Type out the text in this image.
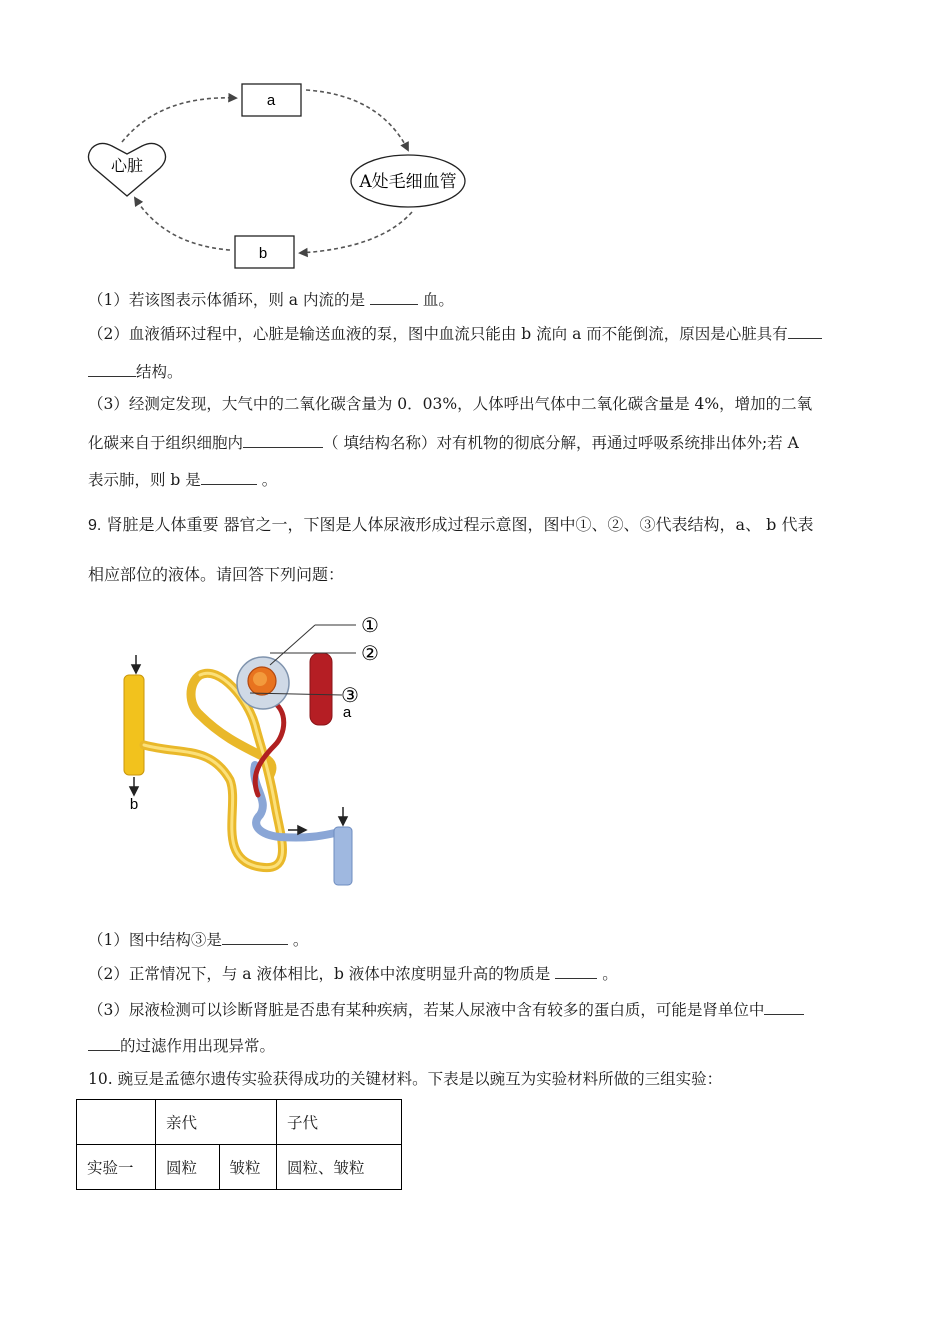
a
b
心脏
A处毛细血管
（1）若该图表示体循环，则 a 内流的是	血。
（2）血液循环过程中，心脏是输送血液的泵，图中血流只能由 b 流向 a 而不能倒流，原因是心脏具有
结构。
（3）经测定发现，大气中的二氧化碳含量为 0．03%，人体呼出气体中二氧化碳含量是 4%，增加的二氧
化碳来自于组织细胞内	（ 填结构名称）对有机物的彻底分解，再通过呼吸系统排出体外;若 A
表示肺，则 b 是	。
9. 肾脏是人体重要 器官之一，下图是人体尿液形成过程示意图，图中①、②、③代表结构，a、 b 代表
相应部位的液体。请回答下列问题：
①
②
③
a
b
（1）图中结构③是	。
（2）正常情况下，与 a 液体相比，b 液体中浓度明显升高的物质是	。
（3）尿液检测可以诊断肾脏是否患有某种疾病，若某人尿液中含有较多的蛋白质，可能是肾单位中
的过滤作用出现异常。
10. 豌豆是孟德尔遗传实验获得成功的关键材料。下表是以豌互为实验材料所做的三组实验：
	亲代		子代
实验一	圆粒	皱粒	圆粒、皱粒
